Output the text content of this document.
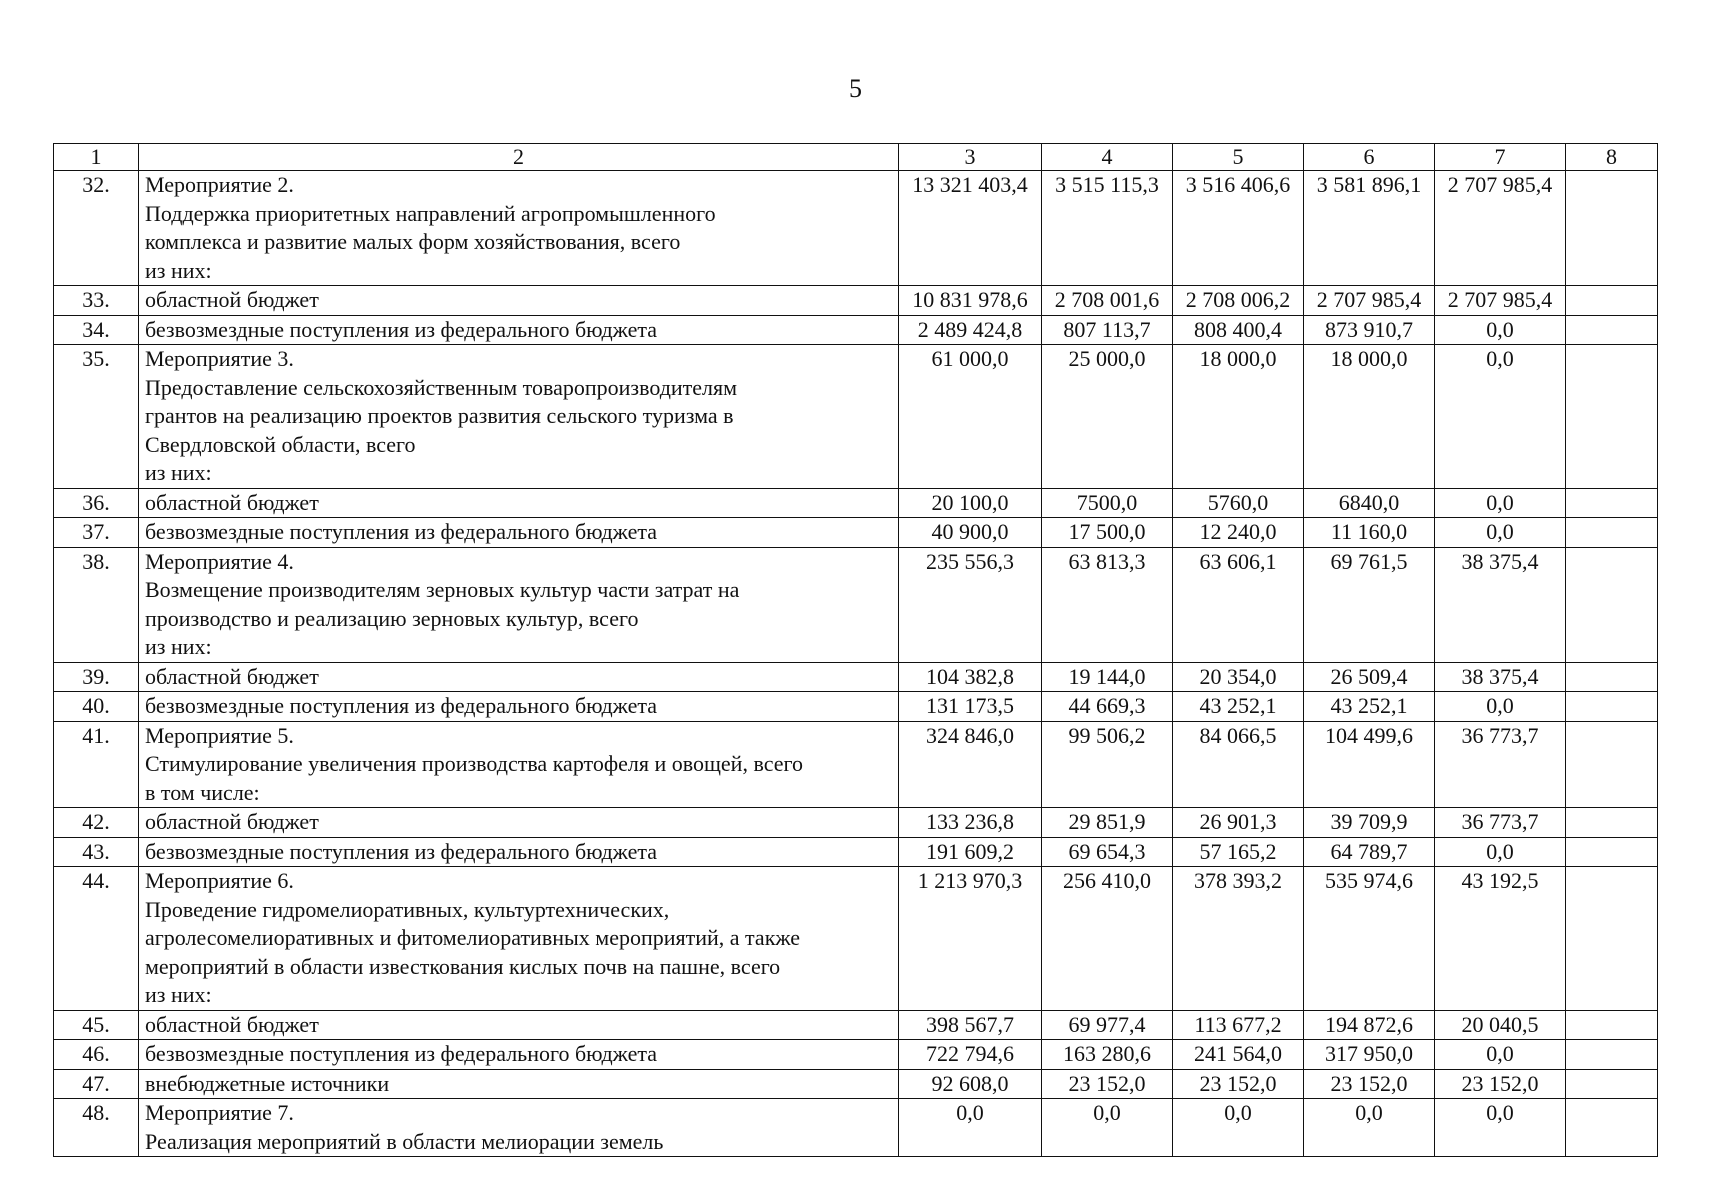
5
1	2	3	4	5	6	7	8
32.	Мероприятие 2.
Поддержка приоритетных направлений агропромышленного
комплекса и развитие малых форм хозяйствования, всего
из них:	13 321 403,4	3 515 115,3	3 516 406,6	3 581 896,1	2 707 985,4	
33.	областной бюджет	10 831 978,6	2 708 001,6	2 708 006,2	2 707 985,4	2 707 985,4	
34.	безвозмездные поступления из федерального бюджета	2 489 424,8	807 113,7	808 400,4	873 910,7	0,0	
35.	Мероприятие 3.
Предоставление сельскохозяйственным товаропроизводителям
грантов на реализацию проектов развития сельского туризма в
Свердловской области, всего
из них:	61 000,0	25 000,0	18 000,0	18 000,0	0,0	
36.	областной бюджет	20 100,0	7500,0	5760,0	6840,0	0,0	
37.	безвозмездные поступления из федерального бюджета	40 900,0	17 500,0	12 240,0	11 160,0	0,0	
38.	Мероприятие 4.
Возмещение производителям зерновых культур части затрат на
производство и реализацию зерновых культур, всего
из них:	235 556,3	63 813,3	63 606,1	69 761,5	38 375,4	
39.	областной бюджет	104 382,8	19 144,0	20 354,0	26 509,4	38 375,4	
40.	безвозмездные поступления из федерального бюджета	131 173,5	44 669,3	43 252,1	43 252,1	0,0	
41.	Мероприятие 5.
Стимулирование увеличения производства картофеля и овощей, всего
в том числе:	324 846,0	99 506,2	84 066,5	104 499,6	36 773,7	
42.	областной бюджет	133 236,8	29 851,9	26 901,3	39 709,9	36 773,7	
43.	безвозмездные поступления из федерального бюджета	191 609,2	69 654,3	57 165,2	64 789,7	0,0	
44.	Мероприятие 6.
Проведение гидромелиоративных, культуртехнических,
агролесомелиоративных и фитомелиоративных мероприятий, а также
мероприятий в области известкования кислых почв на пашне, всего
из них:	1 213 970,3	256 410,0	378 393,2	535 974,6	43 192,5	
45.	областной бюджет	398 567,7	69 977,4	113 677,2	194 872,6	20 040,5	
46.	безвозмездные поступления из федерального бюджета	722 794,6	163 280,6	241 564,0	317 950,0	0,0	
47.	внебюджетные источники	92 608,0	23 152,0	23 152,0	23 152,0	23 152,0	
48.	Мероприятие 7.
Реализация мероприятий в области мелиорации земель	0,0	0,0	0,0	0,0	0,0	
